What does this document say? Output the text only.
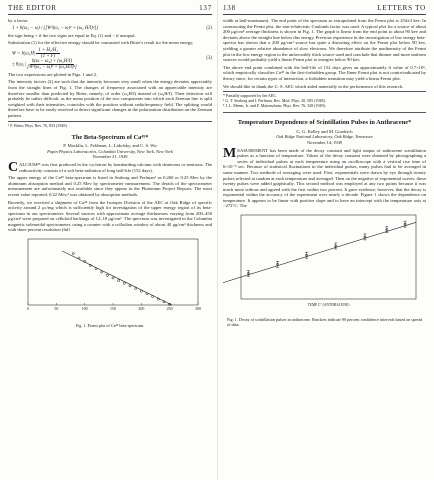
THE EDITOR	137

by a factor

1 + h(ω₂ − ω) / {[W²(ω₂ − ω)² + (ω₂ H/I)²]}	(2)

the sign being + if the two signs are equal in Eq. (1) and − if unequal.

Substitution (1) for the effective energy should be contrasted with Bitter's result for the mean energy,

$W = h|\omega_1H| \frac{\text{1 + H₀/H₁}}{(1 + F)}$

± ħ|ω₁| $\frac{\text{h(ω − ω₂) + (ω₂H/I)}}{\text{[W²(ω₂ − ω)² + (ω₂H/I)²]}}$	(3)

The two expressions are plotted in Figs. 1 and 2.

The intensity factors (2) are such that the intensity becomes very small when the energy deviates appreciably from the straight lines of Fig. 1. The changes of frequency associated with an appreciable intensity are therefore smaller than predicted by Bitter, namely, of order (ω₂H/I) instead of (ω₂H/I). Their detection will probably be rather difficult, as the mean position of the two components into which each Zeeman line is split weighted with their intensities, coincides with the position without radiofrequency field. The splitting would therefore have to be easily resolved to detect significant changes in the polarization distribution on the Zeeman pattern.

¹ F. Bitter, Phys. Rev. 76, 833 (1949).
The Beta-Spectrum of Ca⁴⁵*
P. Macklin, L. Feldman, L. Lidofsky, and C. S. Wu
Pupin Physics Laboratories, Columbia University, New York, New York
November 21, 1949

CALCIUM⁴⁵ was first produced in the cyclotron by bombarding calcium with deuterons or neutrons. The radioactivity consists of a soft beta-radiation of long half-life (152 days).

The upper energy of the Ca⁴⁵ beta-spectrum is listed in Seaborg and Perlman¹ as 0.260 or 0.25 Mev by the aluminum absorption method and 0.25 Mev by spectrometer measurement. The details of the spectrometer measurement are unfortunately not available since they appear in the Plutonium Project Reports. The most recent value reported, 0.22 Mev,² was obtained by absorption methods.

Recently, we received a shipment of Ca⁴⁵ from the Isotopes Division of the AEC at Oak Ridge of specific activity around 2 μc/mg which is sufficiently high for investigation of the upper energy region of its beta-spectrum in our spectrometer. Several sources with approximate average thicknesses varying from 200–450 μg/cm² were prepared on celluloid backings of 12–18 μg/cm². The spectrum was investigated in the Columbia magnetic solenoidal spectrometer, using a counter with a collodion window of about 40 μg/cm² thickness and with three percent resolution (full

0	50	100	150	200	250	300
Fig. 1. Fermi plot of Ca⁴⁵ beta-spectrum.
138	LETTERS TO

width at half-maximum). The end point of the spectrum as extrapolated from the Fermi plot is 254±3 kev. In constructing the Fermi plot, the non-relativistic Coulomb factor was used. A typical plot for a source of about 200 μg/cm² average thickness is shown in Fig. 1. The graph is linear from the end point to about 90 kev and deviates above the straight line below this energy. Previous experience in the investigation of low energy beta-spectra has shown that a 200 μg/cm² source has quite a distorting effect on the Fermi plot below 90 kev, yielding a greater relative abundance of slow electrons. We therefore attribute the nonlinearity of the Fermi plot in the low energy region to the unfavorably thick source used and conclude that thinner and more uniform sources would probably yield a linear Fermi plot to energies below 90 kev.

The above end point combined with the half-life of 152 days gives an approximately ft value of 0.7×10⁶, which empirically classifies Ca⁴⁵ in the first-forbidden group. The Ilmer Fermi plot is not contra-indicated by theory since, for certain types of interaction, a forbidden transition may yield a linear Fermi plot.

We should like to thank the U. S. AEC which aided materially in the performance of this research.

* Partially supported by the AEC.
¹ G. T. Seaborg and I. Perlman, Rev. Mod. Phys. 20, 585 (1948).
² J. L. Meem, Jr. and F. Maienschein, Phys. Rev. 76, 328 (1949).
Temperature Dependence of Scintillation Pulses in Anthracene*
G. G. Kelley and M. Goodrich
Oak Ridge National Laboratory, Oak Ridge, Tennessee
November 14, 1949

MEASUREMENT has been made of the decay constant and light output of anthracene scintillation pulses as a function of temperature. Values of the decay constant were obtained by photographing a series of individual pulses at each temperature using an oscilloscope with a vertical rise time of 6×10⁻⁹ sec. Because of statistical fluctuations in the individual pulses, many pulses had to be averaged in some manner. Two methods of averaging were used. First, exponentials were drawn by eye through twenty pulses selected at random at each temperature and averaged. Then on the negative of exponential curves, these twenty pulses were added graphically. This second method was employed at any two points because it was much more tedious and agreed with the first within two percent. It gave evidence, however, that the decay is exponential within the accuracy of the experiment over nearly a decade. Figure 1 shows the dependence on temperature. It appears to be linear with positive slope and to have an intercept with the temperature axis at −272°C. The

TEMP C° (ANTHRACENE)
Fig. 1. Decay of scintillation pulses in anthracene. Brackets indicate 90 percent confidence intervals based on spread of data.
